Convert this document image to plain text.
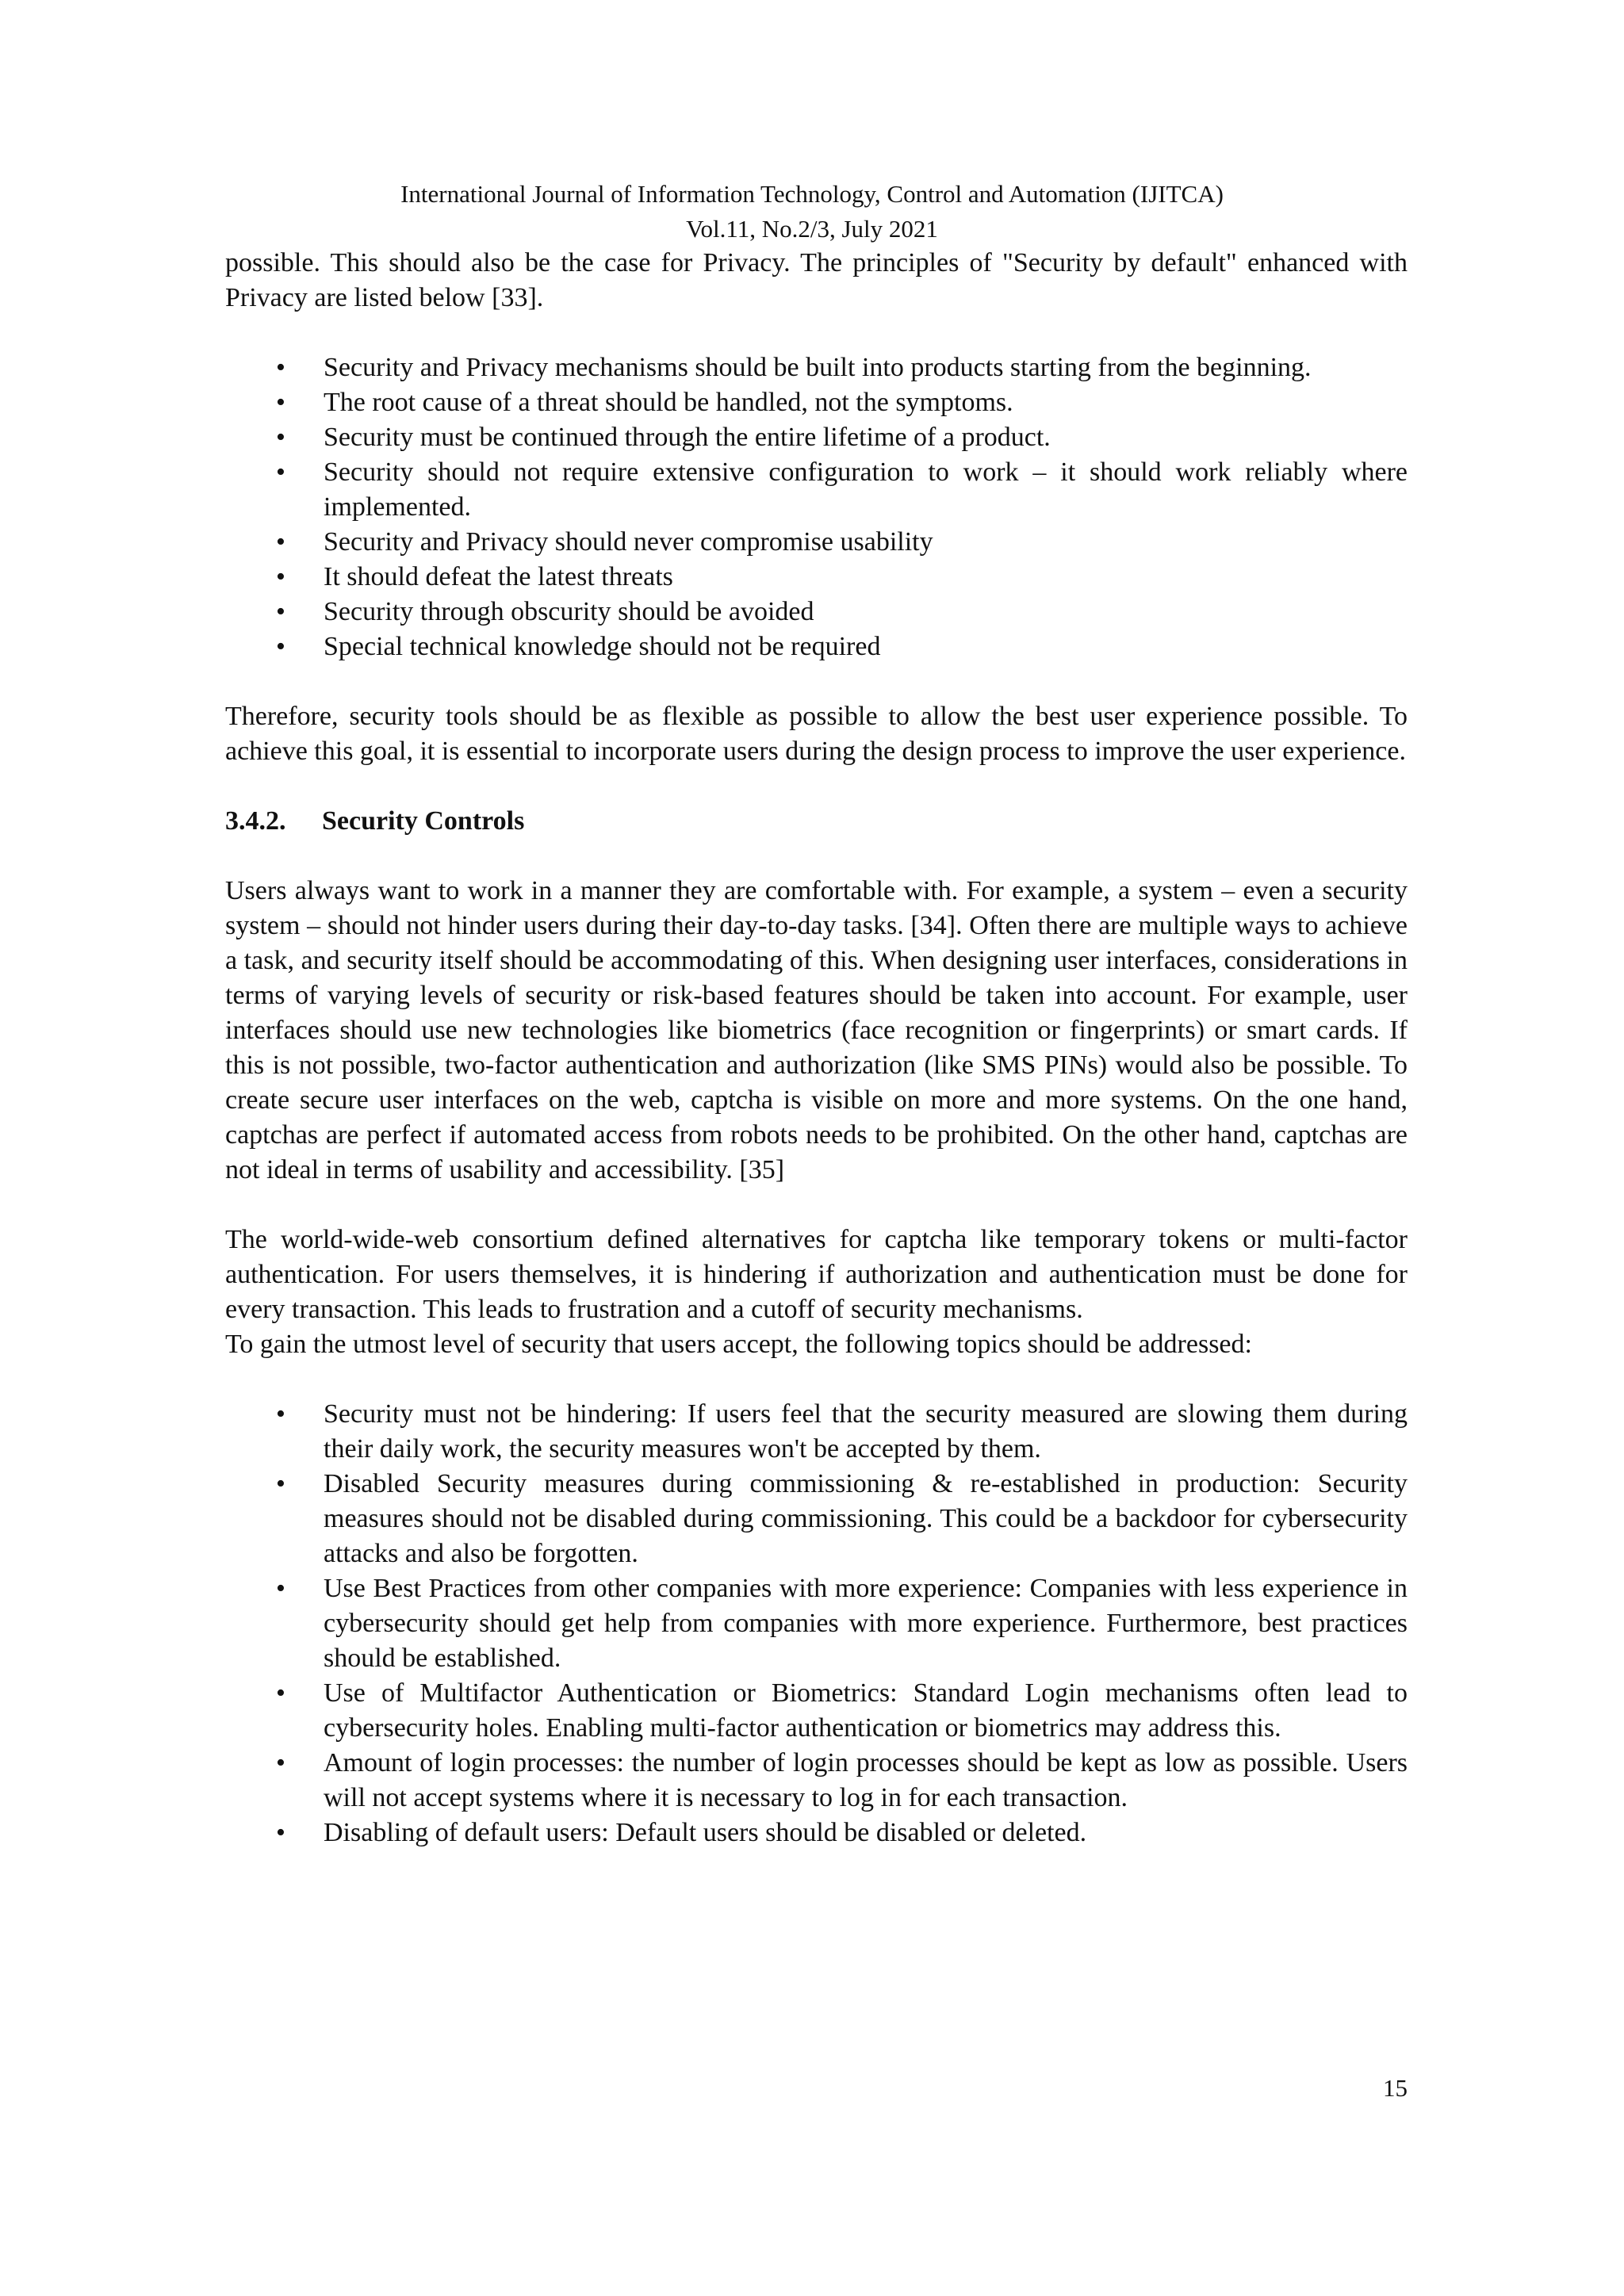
International Journal of Information Technology, Control and Automation (IJITCA)
Vol.11, No.2/3, July 2021

possible. This should also be the case for Privacy. The principles of "Security by default" enhanced with Privacy are listed below [33].

• Security and Privacy mechanisms should be built into products starting from the beginning.
• The root cause of a threat should be handled, not the symptoms.
• Security must be continued through the entire lifetime of a product.
• Security should not require extensive configuration to work – it should work reliably where implemented.
• Security and Privacy should never compromise usability
• It should defeat the latest threats
• Security through obscurity should be avoided
• Special technical knowledge should not be required

Therefore, security tools should be as flexible as possible to allow the best user experience possible. To achieve this goal, it is essential to incorporate users during the design process to improve the user experience.

3.4.2. Security Controls

Users always want to work in a manner they are comfortable with. For example, a system – even a security system – should not hinder users during their day-to-day tasks. [34]. Often there are multiple ways to achieve a task, and security itself should be accommodating of this. When designing user interfaces, considerations in terms of varying levels of security or risk-based features should be taken into account. For example, user interfaces should use new technologies like biometrics (face recognition or fingerprints) or smart cards. If this is not possible, two-factor authentication and authorization (like SMS PINs) would also be possible. To create secure user interfaces on the web, captcha is visible on more and more systems. On the one hand, captchas are perfect if automated access from robots needs to be prohibited. On the other hand, captchas are not ideal in terms of usability and accessibility. [35]

The world-wide-web consortium defined alternatives for captcha like temporary tokens or multi-factor authentication. For users themselves, it is hindering if authorization and authentication must be done for every transaction. This leads to frustration and a cutoff of security mechanisms.

To gain the utmost level of security that users accept, the following topics should be addressed:

• Security must not be hindering: If users feel that the security measured are slowing them during their daily work, the security measures won't be accepted by them.
• Disabled Security measures during commissioning & re-established in production: Security measures should not be disabled during commissioning. This could be a backdoor for cybersecurity attacks and also be forgotten.
• Use Best Practices from other companies with more experience: Companies with less experience in cybersecurity should get help from companies with more experience. Furthermore, best practices should be established.
• Use of Multifactor Authentication or Biometrics: Standard Login mechanisms often lead to cybersecurity holes. Enabling multi-factor authentication or biometrics may address this.
• Amount of login processes: the number of login processes should be kept as low as possible. Users will not accept systems where it is necessary to log in for each transaction.
• Disabling of default users: Default users should be disabled or deleted.
15
